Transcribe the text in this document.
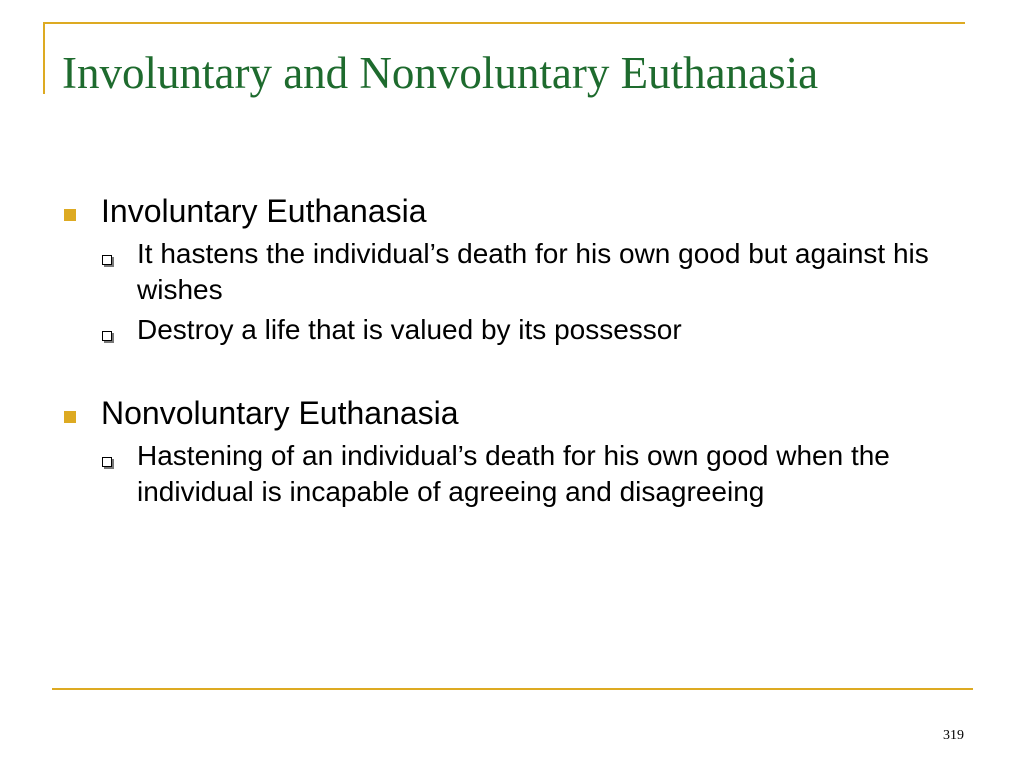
Involuntary and Nonvoluntary Euthanasia
Involuntary Euthanasia
It hastens the individual’s death for his own good but against his wishes
Destroy a life that is valued by its possessor
Nonvoluntary Euthanasia
Hastening of an individual’s death for his own good when the individual is incapable of agreeing and disagreeing
319
